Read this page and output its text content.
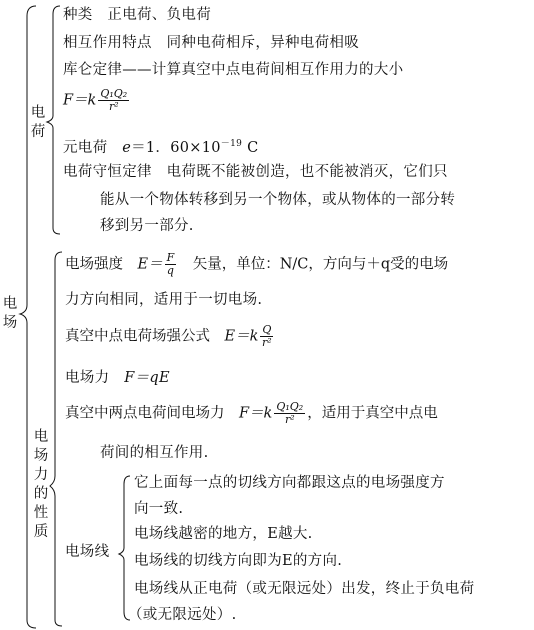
电场
电荷
种类　正电荷、负电荷
相互作用特点　同种电荷相斥，异种电荷相吸
库仑定律——计算真空中点电荷间相互作用力的大小
$F=k \frac{\text{Q₁Q₂}}{\text{r²}}$
元电荷　 e＝1．$60\times 10^{-19}$ C
电荷守恒定律　电荷既不能被创造，也不能被消灭，它们只
能从一个物体转移到另一个物体，或从物体的一部分转
移到另一部分.
电场力的性质
电场强度　 $E= \frac{F}{q}$
　 矢量，单位：N/C，方向与＋q受的电场
力方向相同，适用于一切电场.
真空中点电荷场强公式　 $E=k \frac{Q}{\text{r²}}$
电场力　 F＝qE
真空中两点电荷间电场力　 $F=k \frac{\text{Q₁Q₂}}{\text{r²}}$ ，适用于真空中点电
荷间的相互作用.
电场线
它上面每一点的切线方向都跟这点的电场强度方
向一致.
电场线越密的地方，E越大.
电场线的切线方向即为E的方向.
电场线从正电荷（或无限远处）出发，终止于负电荷
（或无限远处）.
